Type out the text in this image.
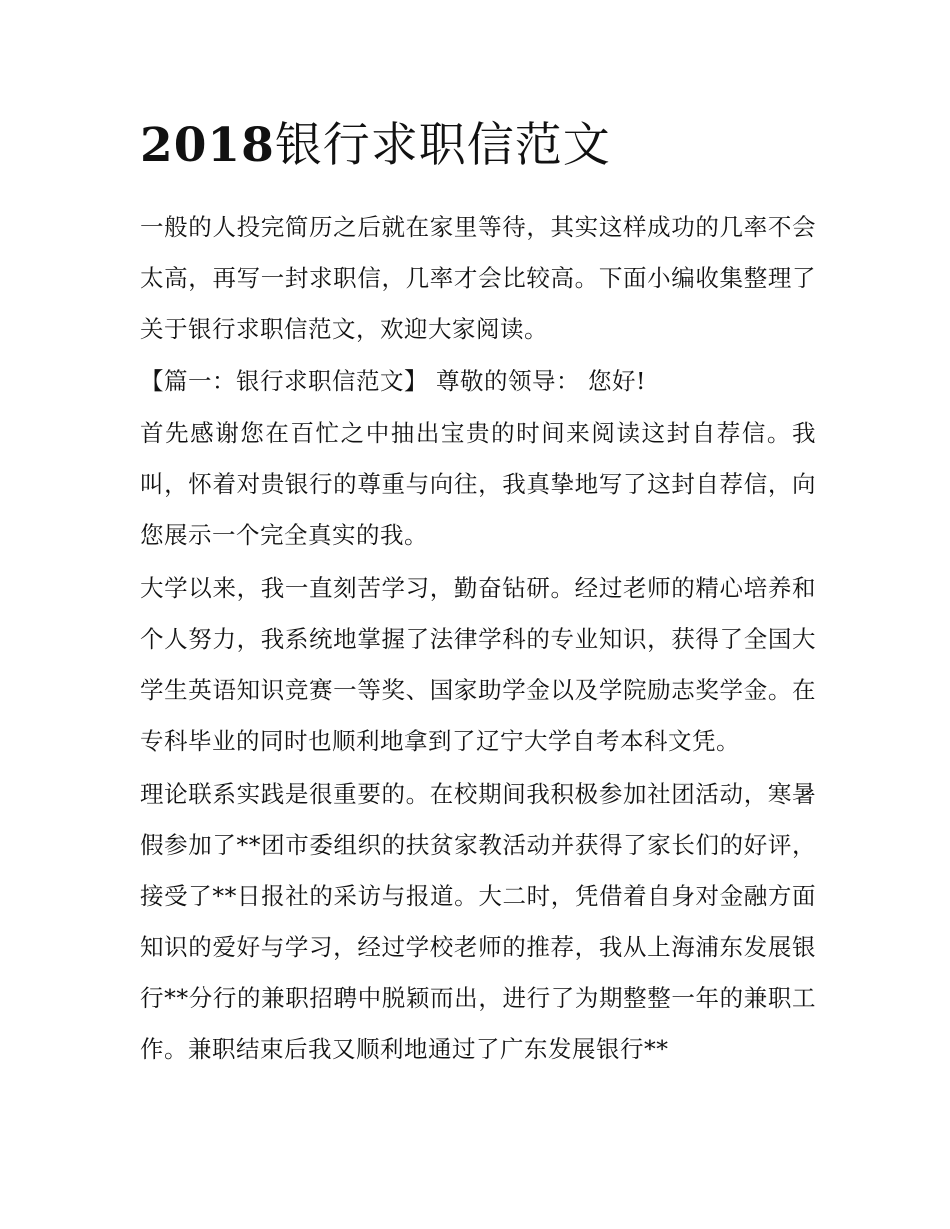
2018银行求职信范文

一般的人投完简历之后就在家里等待，其实这样成功的几率不会太高，再写一封求职信，几率才会比较高。下面小编收集整理了关于银行求职信范文，欢迎大家阅读。

【篇一：银行求职信范文】 尊敬的领导： 您好!

首先感谢您在百忙之中抽出宝贵的时间来阅读这封自荐信。我叫，怀着对贵银行的尊重与向往，我真挚地写了这封自荐信，向您展示一个完全真实的我。

大学以来，我一直刻苦学习，勤奋钻研。经过老师的精心培养和个人努力，我系统地掌握了法律学科的专业知识，获得了全国大学生英语知识竞赛一等奖、国家助学金以及学院励志奖学金。在专科毕业的同时也顺利地拿到了辽宁大学自考本科文凭。

理论联系实践是很重要的。在校期间我积极参加社团活动，寒暑假参加了**团市委组织的扶贫家教活动并获得了家长们的好评，接受了**日报社的采访与报道。大二时，凭借着自身对金融方面知识的爱好与学习，经过学校老师的推荐，我从上海浦东发展银行**分行的兼职招聘中脱颖而出，进行了为期整整一年的兼职工作。兼职结束后我又顺利地通过了广东发展银行**
